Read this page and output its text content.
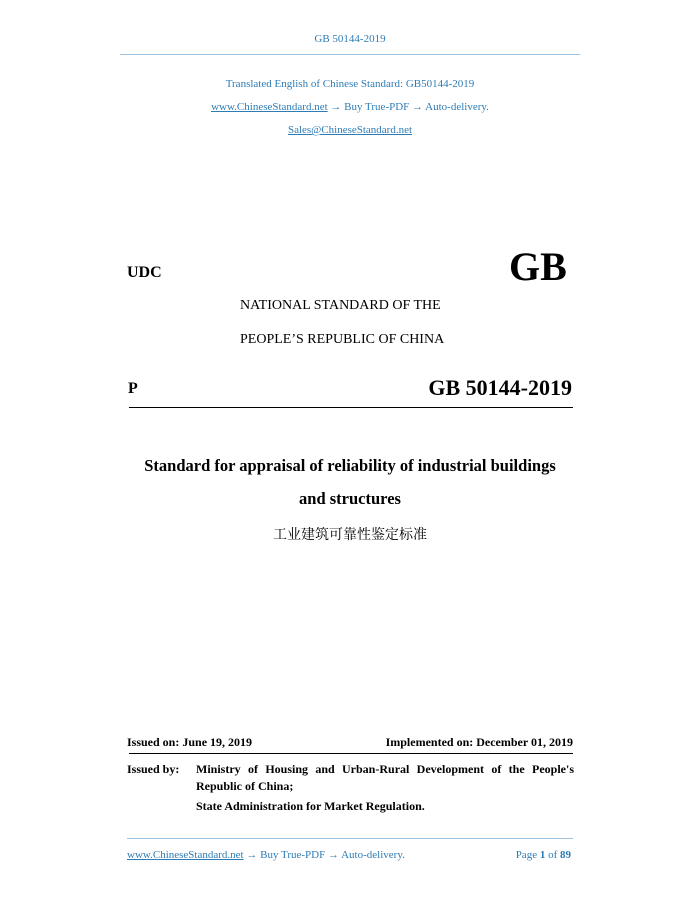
GB 50144-2019
Translated English of Chinese Standard: GB50144-2019
www.ChineseStandard.net → Buy True-PDF → Auto-delivery.
Sales@ChineseStandard.net
UDC	GB
NATIONAL STANDARD OF THE
PEOPLE’S REPUBLIC OF CHINA
P	GB 50144-2019
Standard for appraisal of reliability of industrial buildings
and structures
工业建筑可靠性鉴定标准
Issued on: June 19, 2019	Implemented on: December 01, 2019
Issued by: Ministry of Housing and Urban-Rural Development of the People's
Republic of China;
State Administration for Market Regulation.
www.ChineseStandard.net → Buy True-PDF → Auto-delivery.	Page 1 of 89
